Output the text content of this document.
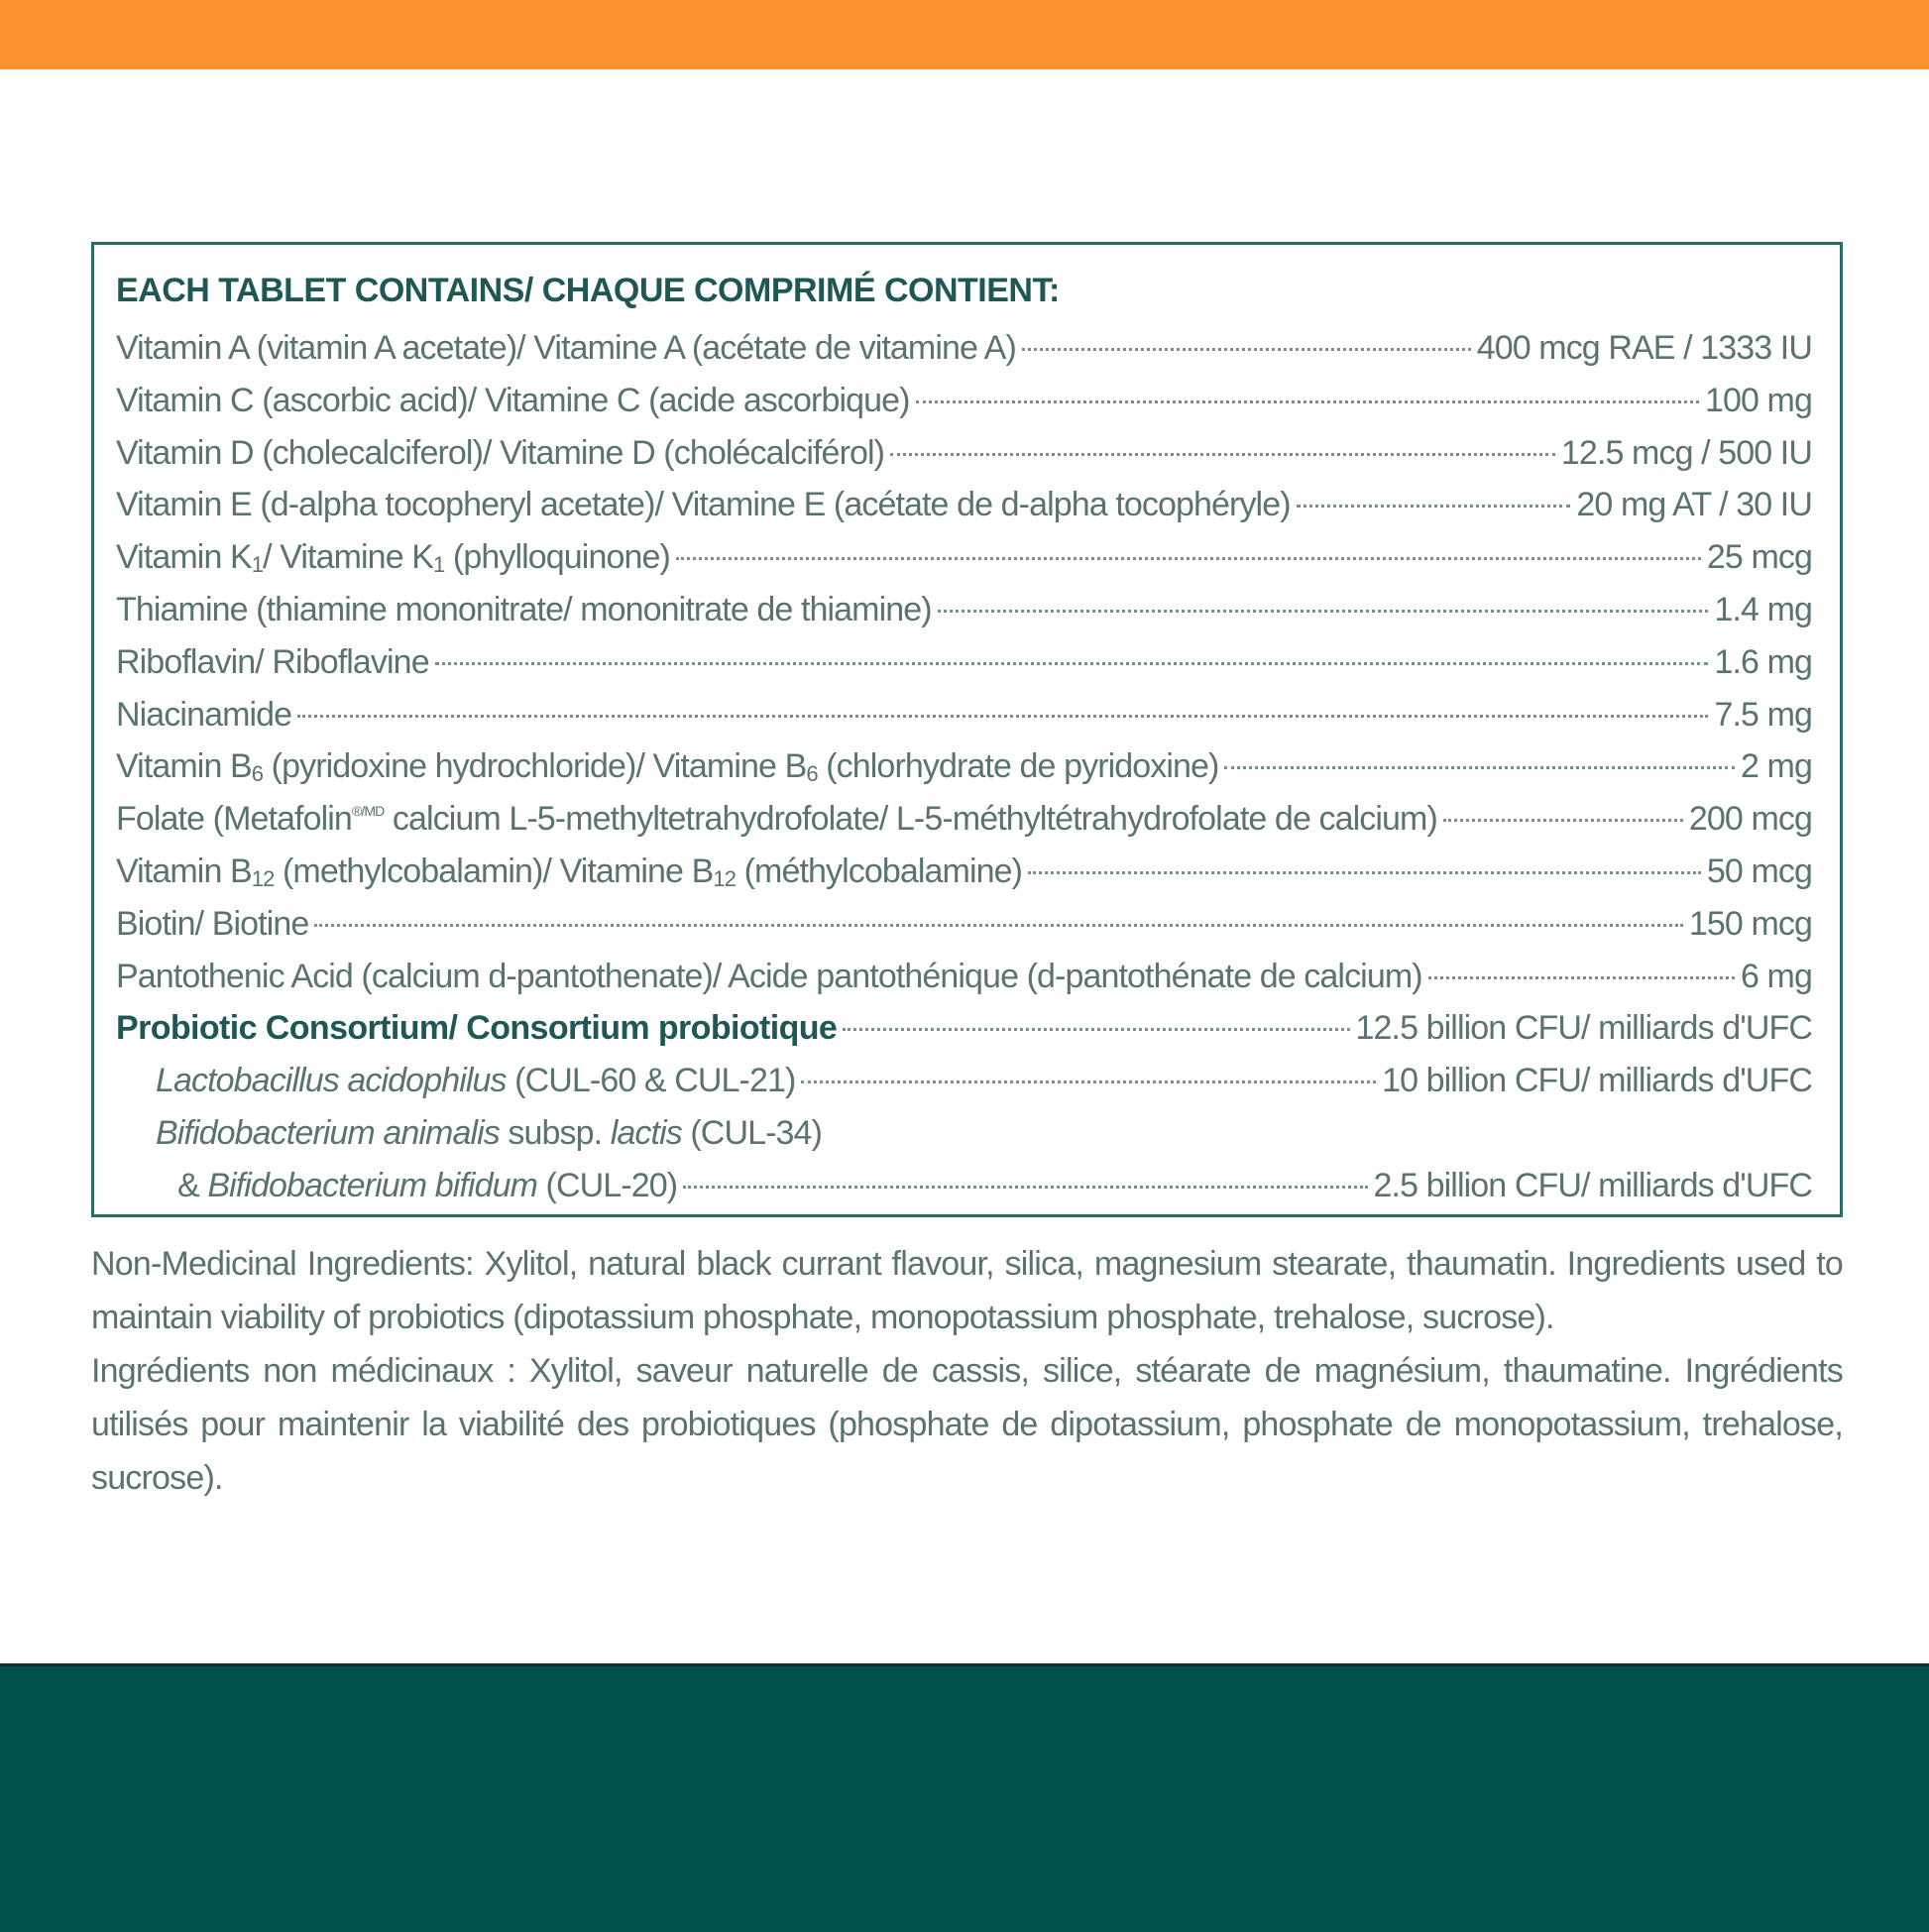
EACH TABLET CONTAINS/ CHAQUE COMPRIMÉ CONTIENT:
Vitamin A (vitamin A acetate)/ Vitamine A (acétate de vitamine A)	400 mcg RAE / 1333 IU
Vitamin C (ascorbic acid)/ Vitamine C (acide ascorbique)	100 mg
Vitamin D (cholecalciferol)/ Vitamine D (cholécalciférol)	12.5 mcg / 500 IU
Vitamin E (d-alpha tocopheryl acetate)/ Vitamine E (acétate de d-alpha tocophéryle)	20 mg AT / 30 IU
Vitamin $K_1/$ Vitamine $K_1$ (phylloquinone)	25 mcg
Thiamine (thiamine mononitrate/ mononitrate de thiamine)	1.4 mg
Riboflavin/ Riboflavine	1.6 mg
Niacinamide	7.5 mg
Vitamin $B_6$ (pyridoxine hydrochloride)/ Vitamine $B_6$ (chlorhydrate de pyridoxine)	2 mg
Folate (Metafolin$^{®/MD}$ calcium L-5-methyltetrahydrofolate/ L-5-méthyltétrahydrofolate de calcium)	200 mcg
Vitamin $B_{12}$ (methylcobalamin)/ Vitamine $B_{12}$ (méthylcobalamine)	50 mcg
Biotin/ Biotine	150 mcg
Pantothenic Acid (calcium d-pantothenate)/ Acide pantothénique (d-pantothénate de calcium)	6 mg
Probiotic Consortium/ Consortium probiotique	12.5 billion CFU/ milliards d'UFC
Lactobacillus acidophilus (CUL-60 & CUL-21)	10 billion CFU/ milliards d'UFC
Bifidobacterium animalis subsp. lactis (CUL-34)
& Bifidobacterium bifidum (CUL-20)	2.5 billion CFU/ milliards d'UFC

Non-Medicinal Ingredients: Xylitol, natural black currant flavour, silica, magnesium stearate, thaumatin. Ingredients used to maintain viability of probiotics (dipotassium phosphate, monopotassium phosphate, trehalose, sucrose).

Ingrédients non médicinaux : Xylitol, saveur naturelle de cassis, silice, stéarate de magnésium, thaumatine. Ingrédients utilisés pour maintenir la viabilité des probiotiques (phosphate de dipotassium, phosphate de monopotassium, trehalose, sucrose).
